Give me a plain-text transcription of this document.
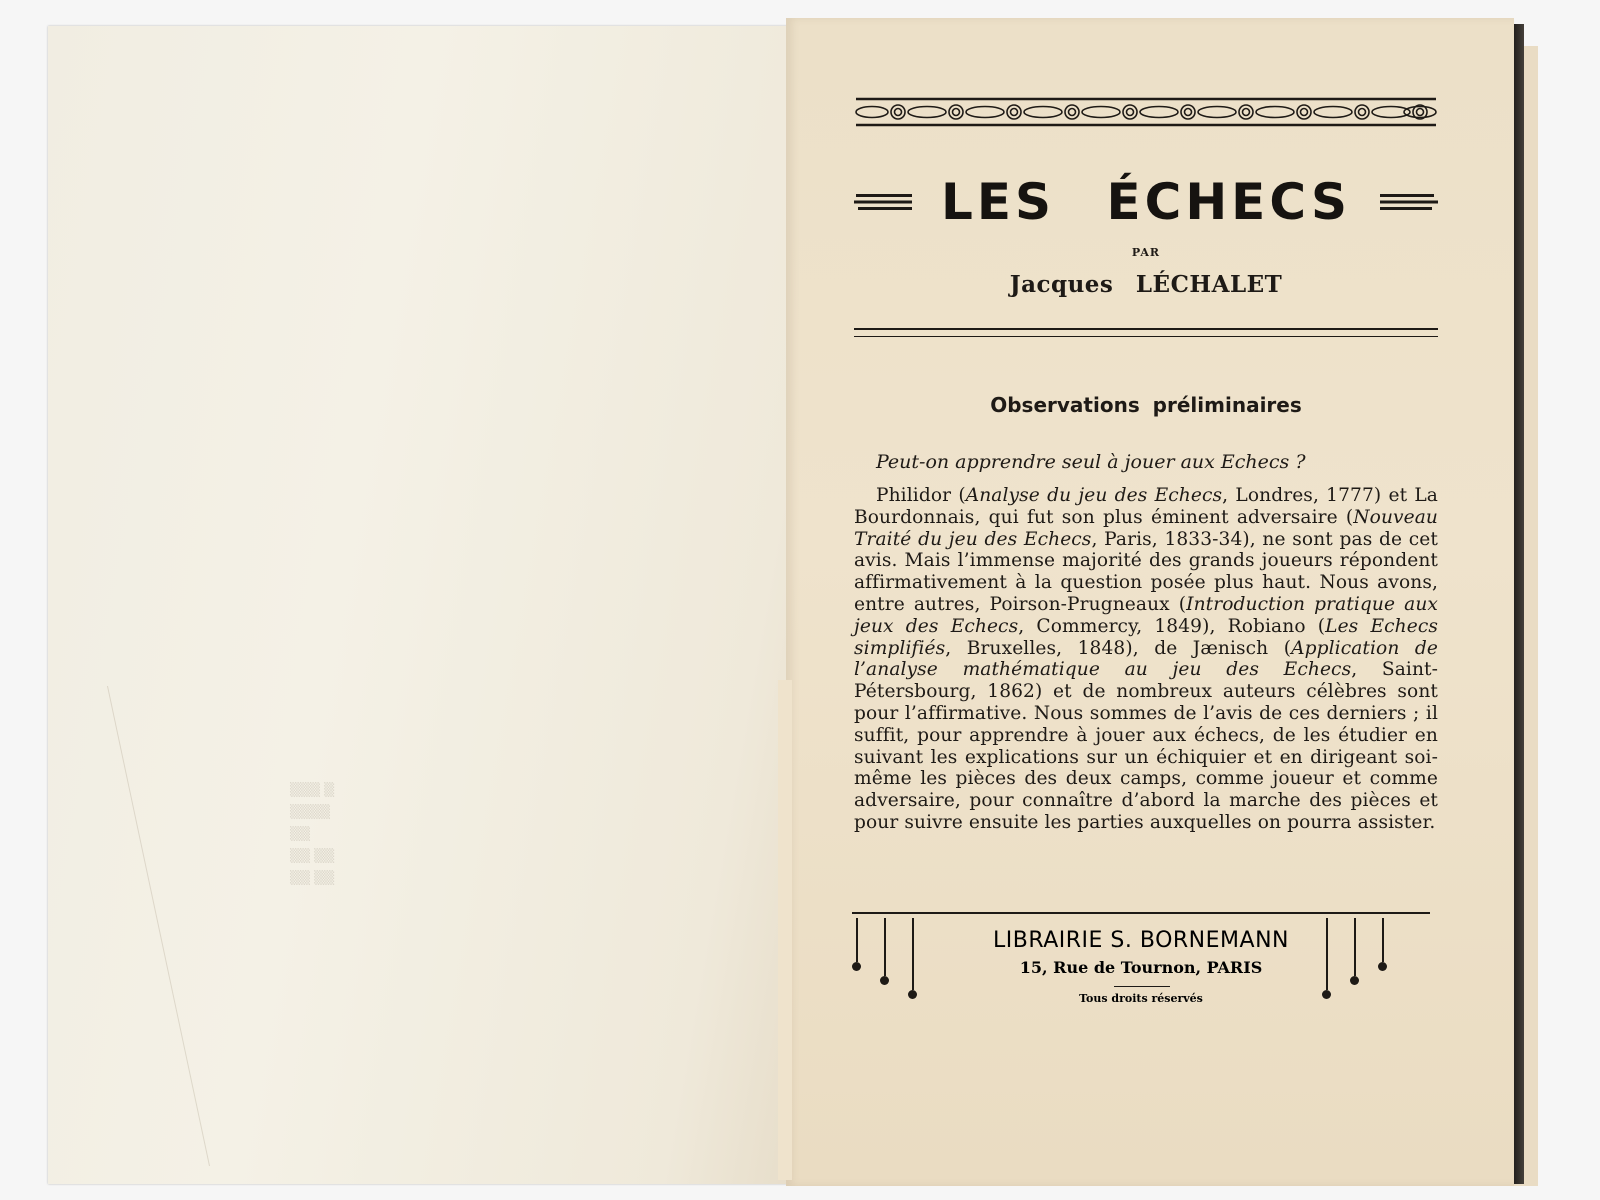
▒▒▒ ▒
▒▒▒▒
▒▒
▒▒ ▒▒
▒▒ ▒▒
LES ÉCHECS
PAR
Jacques LÉCHALET
Observations préliminaires
Peut-on apprendre seul à jouer aux Echecs ?

Philidor (Analyse du jeu des Echecs, Londres, 1777) et La Bourdonnais, qui fut son plus éminent adversaire (Nouveau Traité du jeu des Echecs, Paris, 1833-34), ne sont pas de cet avis. Mais l’immense majorité des grands joueurs répondent affirmativement à la question posée plus haut. Nous avons, entre autres, Poirson-Prugneaux (Introduction pratique aux jeux des Echecs, Commercy, 1849), Robiano (Les Echecs simplifiés, Bruxelles, 1848), de Jænisch (Application de l’analyse mathématique au jeu des Echecs, Saint-Pétersbourg, 1862) et de nombreux auteurs célèbres sont pour l’affirmative. Nous sommes de l’avis de ces derniers ; il suffit, pour apprendre à jouer aux échecs, de les étudier en suivant les explications sur un échiquier et en dirigeant soi-même les pièces des deux camps, comme joueur et comme adversaire, pour connaître d’abord la marche des pièces et pour suivre ensuite les parties auxquelles on pourra assister.

LIBRAIRIE S. BORNEMANN
15, Rue de Tournon, PARIS
Tous droits réservés
